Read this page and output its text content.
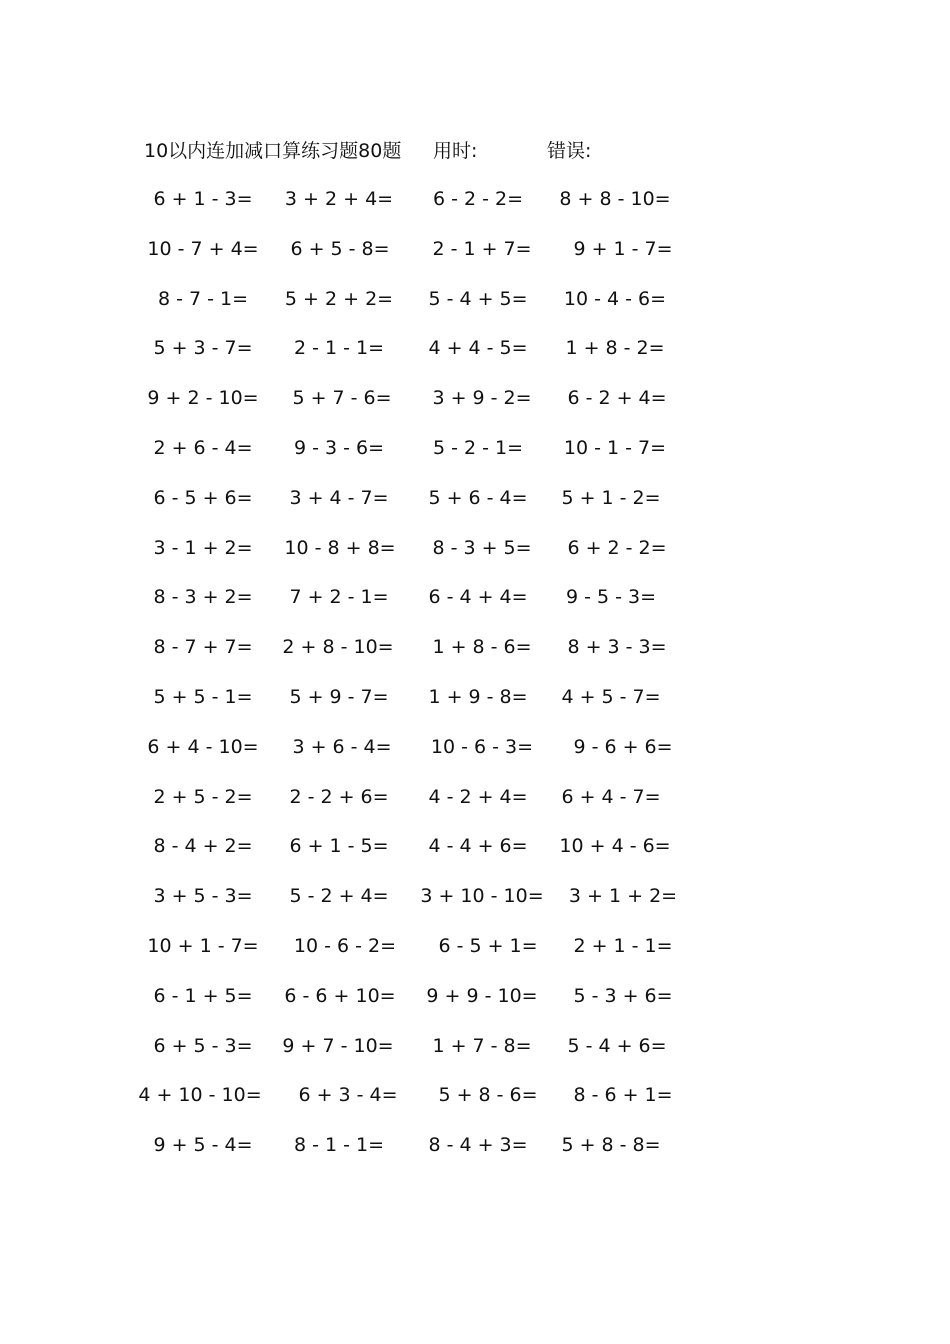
10以内连加减口算练习题80题 用时:	错误:
6 + 1 - 3=	3 + 2 + 4=	6 - 2 - 2=	8 + 8 - 10=
10 - 7 + 4=	6 + 5 - 8=	2 - 1 + 7=	9 + 1 - 7=
8 - 7 - 1=	5 + 2 + 2=	5 - 4 + 5=	10 - 4 - 6=
5 + 3 - 7=	2 - 1 - 1=	4 + 4 - 5=	1 + 8 - 2=
9 + 2 - 10=	5 + 7 - 6=	3 + 9 - 2=	6 - 2 + 4=
2 + 6 - 4=	9 - 3 - 6=	5 - 2 - 1=	10 - 1 - 7=
6 - 5 + 6=	3 + 4 - 7=	5 + 6 - 4=	5 + 1 - 2=
3 - 1 + 2=	10 - 8 + 8=	8 - 3 + 5=	6 + 2 - 2=
8 - 3 + 2=	7 + 2 - 1=	6 - 4 + 4=	9 - 5 - 3=
8 - 7 + 7=	2 + 8 - 10=	1 + 8 - 6=	8 + 3 - 3=
5 + 5 - 1=	5 + 9 - 7=	1 + 9 - 8=	4 + 5 - 7=
6 + 4 - 10=	3 + 6 - 4=	10 - 6 - 3=	9 - 6 + 6=
2 + 5 - 2=	2 - 2 + 6=	4 - 2 + 4=	6 + 4 - 7=
8 - 4 + 2=	6 + 1 - 5=	4 - 4 + 6=	10 + 4 - 6=
3 + 5 - 3=	5 - 2 + 4=	3 + 10 - 10=	3 + 1 + 2=
10 + 1 - 7=	10 - 6 - 2=	6 - 5 + 1=	2 + 1 - 1=
6 - 1 + 5=	6 - 6 + 10=	9 + 9 - 10=	5 - 3 + 6=
6 + 5 - 3=	9 + 7 - 10=	1 + 7 - 8=	5 - 4 + 6=
4 + 10 - 10=	6 + 3 - 4=	5 + 8 - 6=	8 - 6 + 1=
9 + 5 - 4=	8 - 1 - 1=	8 - 4 + 3=	5 + 8 - 8=
